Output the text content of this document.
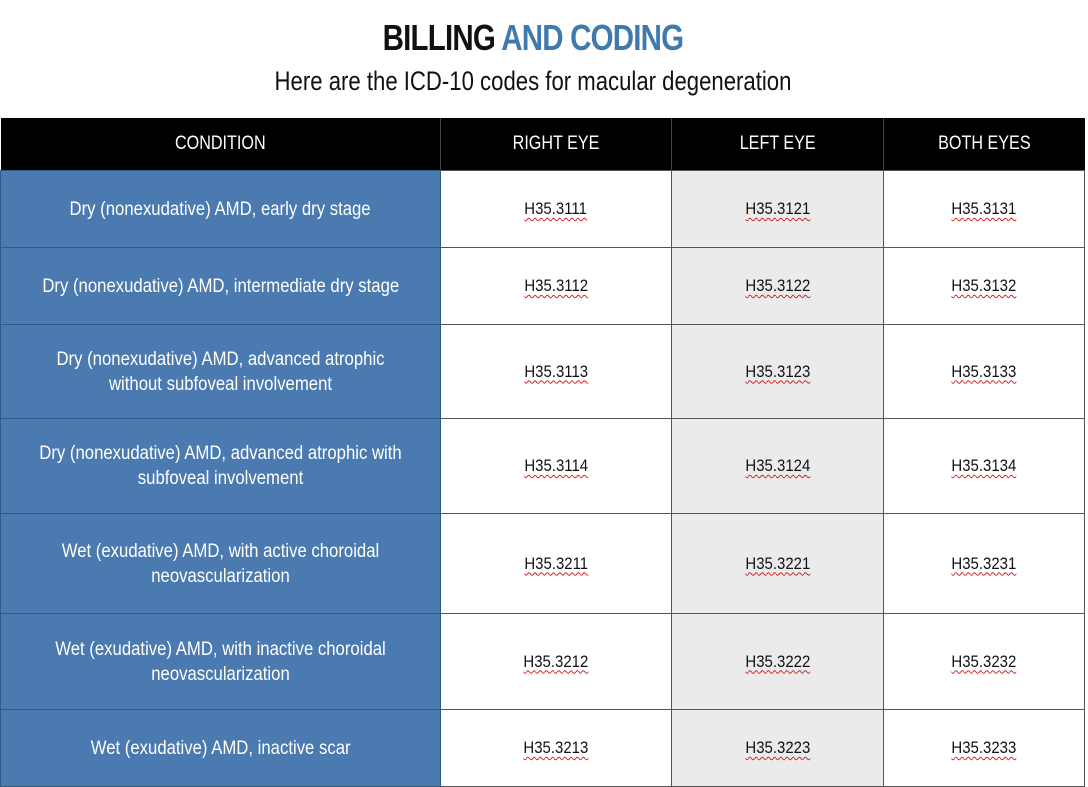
BILLING AND CODING
Here are the ICD-10 codes for macular degeneration
CONDITION	RIGHT EYE	LEFT EYE	BOTH EYES
Dry (nonexudative) AMD, early dry stage	H35.3111	H35.3121	H35.3131
Dry (nonexudative) AMD, intermediate dry stage	H35.3112	H35.3122	H35.3132
Dry (nonexudative) AMD, advanced atrophic without subfoveal involvement	H35.3113	H35.3123	H35.3133
Dry (nonexudative) AMD, advanced atrophic with subfoveal involvement	H35.3114	H35.3124	H35.3134
Wet (exudative) AMD, with active choroidal neovascularization	H35.3211	H35.3221	H35.3231
Wet (exudative) AMD, with inactive choroidal neovascularization	H35.3212	H35.3222	H35.3232
Wet (exudative) AMD, inactive scar	H35.3213	H35.3223	H35.3233
